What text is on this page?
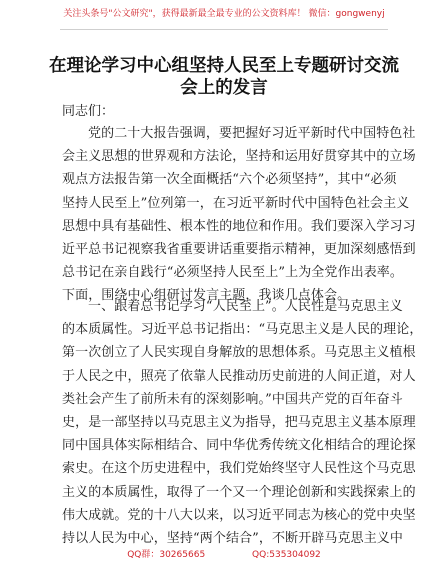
关注头条号"公文研究"，获得最新最全最专业的公文资料库！ 微信：gongwenyj
在理论学习中心组坚持人民至上专题研讨交流
会上的发言
同志们：
党的二十大报告强调，要把握好习近平新时代中国特色社
会主义思想的世界观和方法论，坚持和运用好贯穿其中的立场
观点方法报告第一次全面概括“六个必须坚持”，其中“必须
坚持人民至上”位列第一，在习近平新时代中国特色社会主义
思想中具有基础性、根本性的地位和作用。我们要深入学习习
近平总书记视察我省重要讲话重要指示精神，更加深刻感悟到
总书记在亲自践行“必须坚持人民至上”上为全党作出表率。
下面，围绕中心组研讨发言主题，我谈几点体会。
一、跟着总书记学习“人民至上”。人民性是马克思主义
的本质属性。习近平总书记指出：“马克思主义是人民的理论，
第一次创立了人民实现自身解放的思想体系。马克思主义植根
于人民之中，照亮了依靠人民推动历史前进的人间正道，对人
类社会产生了前所未有的深刻影响。”中国共产党的百年奋斗
史，是一部坚持以马克思主义为指导，把马克思主义基本原理
同中国具体实际相结合、同中华优秀传统文化相结合的理论探
索史。在这个历史进程中，我们党始终坚守人民性这个马克思
主义的本质属性，取得了一个又一个理论创新和实践探索上的
伟大成就。党的十八大以来，以习近平同志为核心的党中央坚
持以人民为中心，坚持“两个结合”，不断开辟马克思主义中
QQ群：30265665	QQ:535304092
